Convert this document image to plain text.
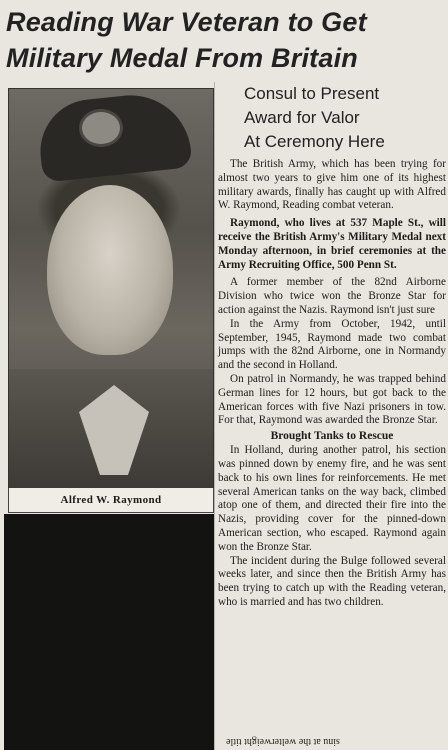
Reading War Veteran to Get
Military Medal From Britain
Alfred W. Raymond
Consul to Present
Award for Valor
At Ceremony Here

The British Army, which has been trying for almost two years to give him one of its highest military awards, finally has caught up with Alfred W. Raymond, Reading combat veteran.

Raymond, who lives at 537 Maple St., will receive the British Army's Military Medal next Monday afternoon, in brief ceremonies at the Army Recruiting Office, 500 Penn St.

A former member of the 82nd Airborne Division who twice won the Bronze Star for action against the Nazis. Raymond isn't just sure

In the Army from October, 1942, until September, 1945, Raymond made two combat jumps with the 82nd Airborne, one in Normandy and the second in Holland.

On patrol in Normandy, he was trapped behind German lines for 12 hours, but got back to the American forces with five Nazi prisoners in tow. For that, Raymond was awarded the Bronze Star.

Brought Tanks to Rescue

In Holland, during another patrol, his section was pinned down by enemy fire, and he was sent back to his own lines for reinforcements. He met several American tanks on the way back, climbed atop one of them, and directed their fire into the Nazis, providing cover for the pinned-down American section, who escaped. Raymond again won the Bronze Star.

The incident during the Bulge followed several weeks later, and since then the British Army has been trying to catch up with the Reading veteran, who is married and has two children.

sinu at the welterweight title
